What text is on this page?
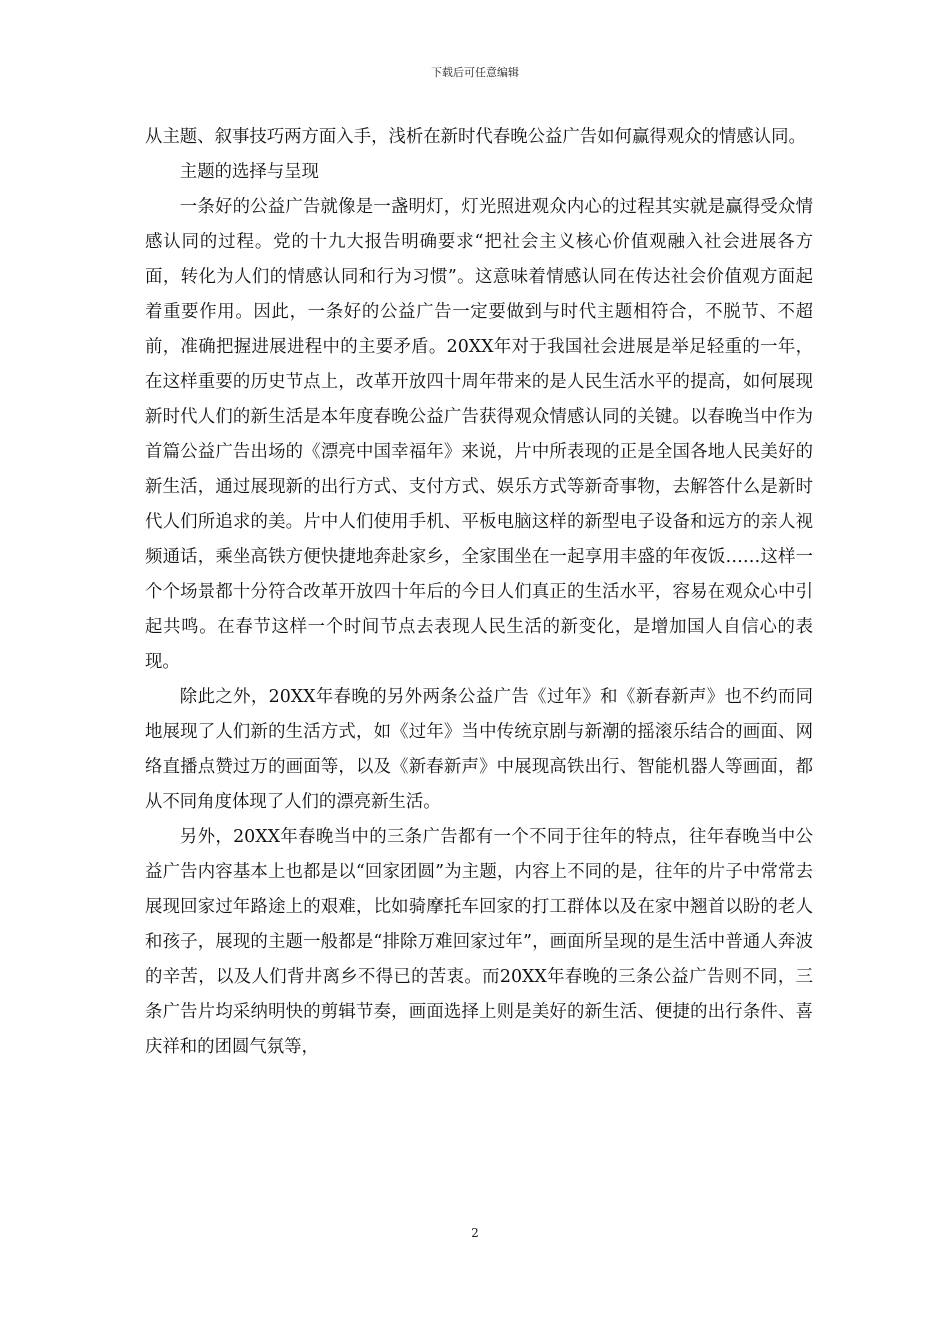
下载后可任意编辑

从主题、叙事技巧两方面入手，浅析在新时代春晚公益广告如何赢得观众的情感认同。

主题的选择与呈现

一条好的公益广告就像是一盏明灯，灯光照进观众内心的过程其实就是赢得受众情感认同的过程。党的十九大报告明确要求“把社会主义核心价值观融入社会进展各方面，转化为人们的情感认同和行为习惯”。这意味着情感认同在传达社会价值观方面起着重要作用。因此，一条好的公益广告一定要做到与时代主题相符合，不脱节、不超前，准确把握进展进程中的主要矛盾。20XX年对于我国社会进展是举足轻重的一年，在这样重要的历史节点上，改革开放四十周年带来的是人民生活水平的提高，如何展现新时代人们的新生活是本年度春晚公益广告获得观众情感认同的关键。以春晚当中作为首篇公益广告出场的《漂亮中国幸福年》来说，片中所表现的正是全国各地人民美好的新生活，通过展现新的出行方式、支付方式、娱乐方式等新奇事物，去解答什么是新时代人们所追求的美。片中人们使用手机、平板电脑这样的新型电子设备和远方的亲人视频通话，乘坐高铁方便快捷地奔赴家乡，全家围坐在一起享用丰盛的年夜饭……这样一个个场景都十分符合改革开放四十年后的今日人们真正的生活水平，容易在观众心中引起共鸣。在春节这样一个时间节点去表现人民生活的新变化，是增加国人自信心的表现。

除此之外，20XX年春晚的另外两条公益广告《过年》和《新春新声》也不约而同地展现了人们新的生活方式，如《过年》当中传统京剧与新潮的摇滚乐结合的画面、网络直播点赞过万的画面等，以及《新春新声》中展现高铁出行、智能机器人等画面，都从不同角度体现了人们的漂亮新生活。

另外，20XX年春晚当中的三条广告都有一个不同于往年的特点，往年春晚当中公益广告内容基本上也都是以“回家团圆”为主题，内容上不同的是，往年的片子中常常去展现回家过年路途上的艰难，比如骑摩托车回家的打工群体以及在家中翘首以盼的老人和孩子，展现的主题一般都是“排除万难回家过年”，画面所呈现的是生活中普通人奔波的辛苦，以及人们背井离乡不得已的苦衷。而20XX年春晚的三条公益广告则不同，三条广告片均采纳明快的剪辑节奏，画面选择上则是美好的新生活、便捷的出行条件、喜庆祥和的团圆气氛等，

2
